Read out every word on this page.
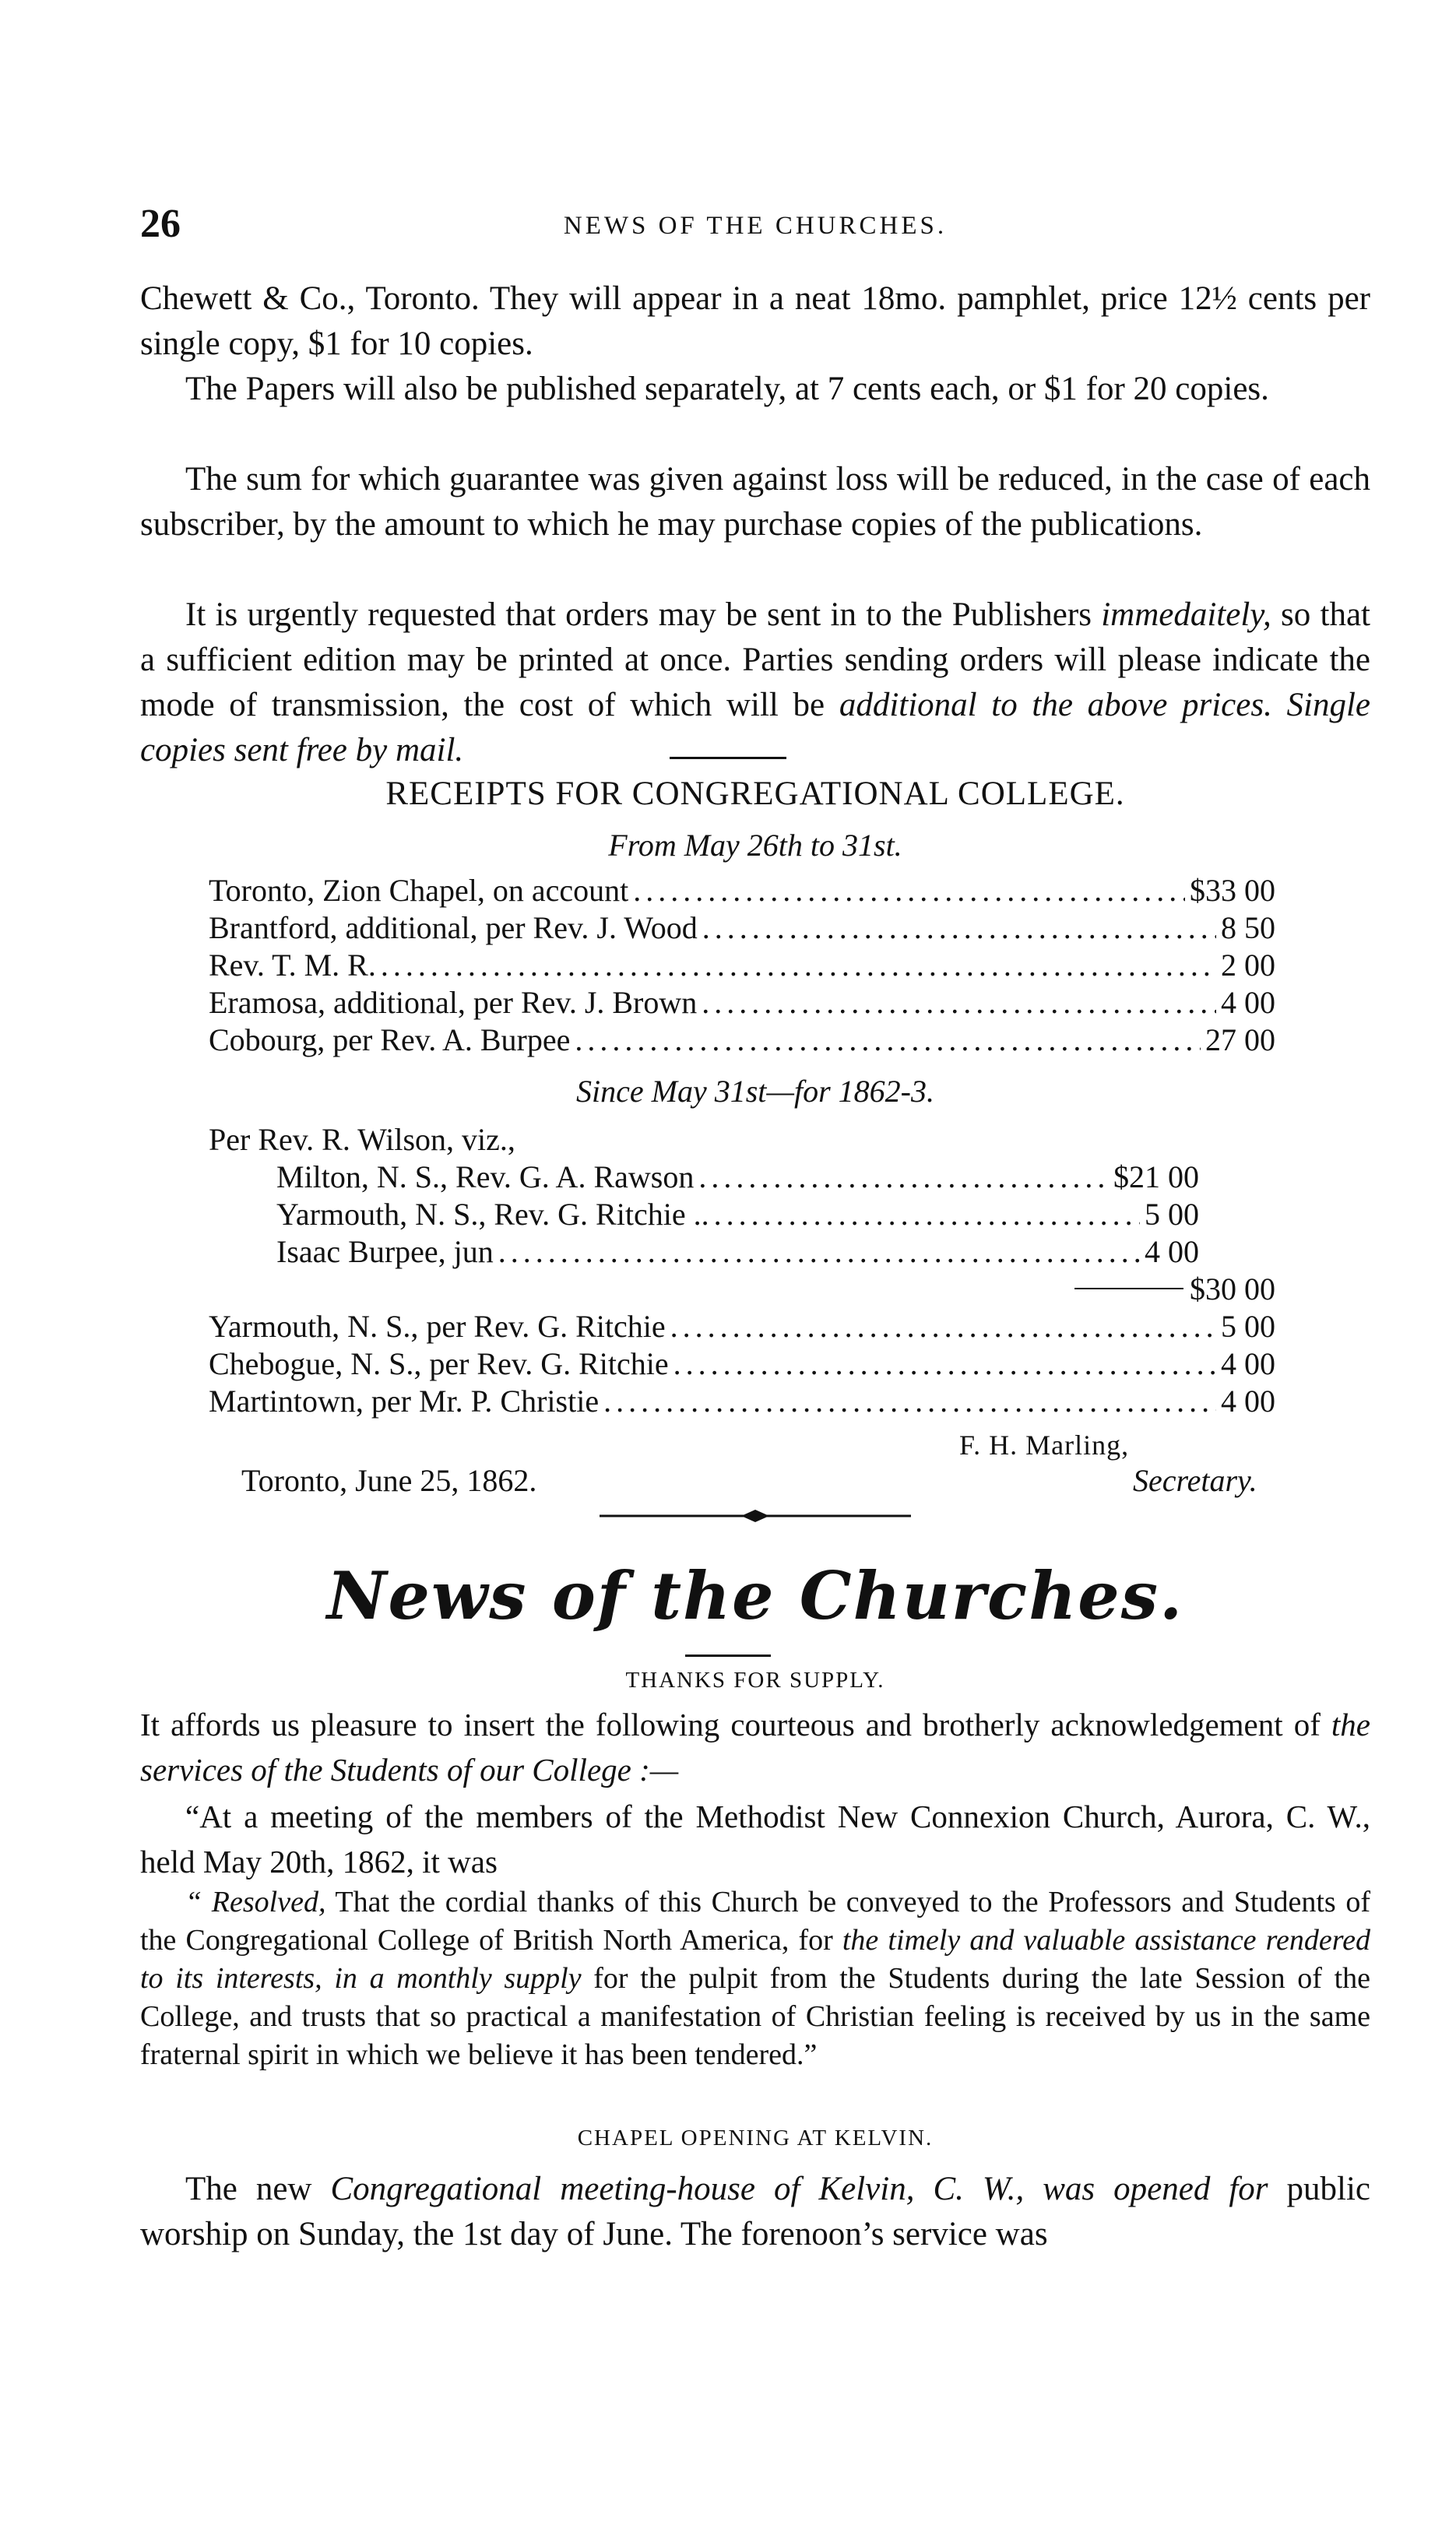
26	NEWS OF THE CHURCHES.

Chewett & Co., Toronto. They will appear in a neat 18mo. pamphlet, price 12½ cents per single copy, $1 for 10 copies.

The Papers will also be published separately, at 7 cents each, or $1 for 20 copies.

The sum for which guarantee was given against loss will be reduced, in the case of each subscriber, by the amount to which he may purchase copies of the publications.

It is urgently requested that orders may be sent in to the Publishers immedaitely, so that a sufficient edition may be printed at once. Parties sending orders will please indicate the mode of transmission, the cost of which will be additional to the above prices. Single copies sent free by mail.

RECEIPTS FOR CONGREGATIONAL COLLEGE.

From May 26th to 31st.

Toronto, Zion Chapel, on account . . .	$33 00
Brantford, additional, per Rev. J. Wood . . .	8 50
Rev. T. M. R. . . .	2 00
Eramosa, additional, per Rev. J. Brown . . .	4 00
Cobourg, per Rev. A. Burpee . . .	27 00

Since May 31st—for 1862-3.

Per Rev. R. Wilson, viz.,
Milton, N. S., Rev. G. A. Rawson . . .	$21 00
Yarmouth, N. S., Rev. G. Ritchie .. . . .	5 00
Isaac Burpee, jun . . .	4 00
$30 00
Yarmouth, N. S., per Rev. G. Ritchie . . .	5 00
Chebogue, N. S., per Rev. G. Ritchie . . .	4 00
Martintown, per Mr. P. Christie . . .	4 00
F. H. Marling,
Toronto, June 25, 1862.	Secretary.
News of the Churches.

THANKS FOR SUPPLY.

It affords us pleasure to insert the following courteous and brotherly acknowledgement of the services of the Students of our College :—

“At a meeting of the members of the Methodist New Connexion Church, Aurora, C. W., held May 20th, 1862, it was

“ Resolved, That the cordial thanks of this Church be conveyed to the Professors and Students of the Congregational College of British North America, for the timely and valuable assistance rendered to its interests, in a monthly supply for the pulpit from the Students during the late Session of the College, and trusts that so practical a manifestation of Christian feeling is received by us in the same fraternal spirit in which we believe it has been tendered.”

CHAPEL OPENING AT KELVIN.

The new Congregational meeting-house of Kelvin, C. W., was opened for public worship on Sunday, the 1st day of June. The forenoon’s service was
